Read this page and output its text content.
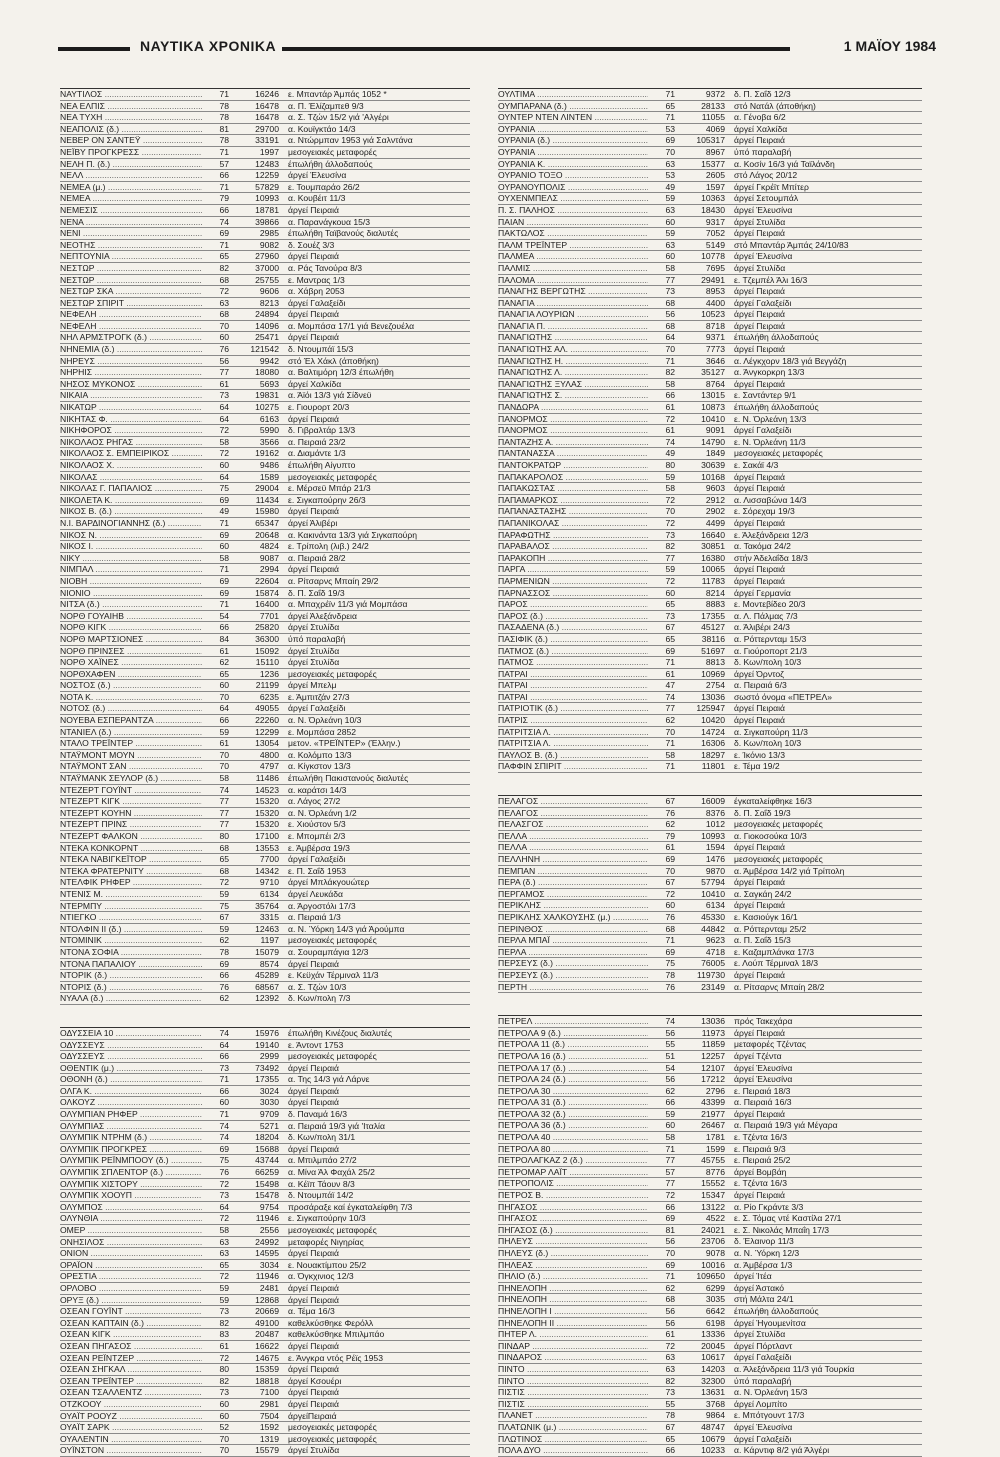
ΝΑΥΤΙΚΑ ΧΡΟΝΙΚΑ	1 ΜΑΪΟΥ 1984
ΝΑΥΤΙΛΟΣ .....	71	16246	ε. Μπαντάρ Άμπάς 1052 *
ΝΕΑ ΕΛΠΙΣ .....	78	16478	α. Π. Έλίζαμπεθ 9/3
ΝΕΑ ΤΥΧΗ .....	78	16478	α. Σ. Τζών 15/2 γιά 'Αλγέρι
ΝΕΑΠΟΛΙΣ (δ.) .....	81	29700	α. Κουϊγκτάο 14/3
ΝΕΒΕΡ ΟΝ ΣΑΝΤΕΫ .....	78	33191	α. Ντώρμπαν 1953 γιά Σαλντάνα
ΝΕΪΒΥ ΠΡΟΓΚΡΕΣΣ .....	71	1997	μεσογειακές μεταφορές
ΝΕΛΗ Π. (δ.) .....	57	12483	έπωλήθη άλλοδαπούς
ΝΕΛΛ .....	66	12259	άργεί Έλευσίνα
ΝΕΜΕΑ (μ.) .....	71	57829	ε. Τουμπαράο 26/2
ΝΕΜΕΑ .....	79	10993	α. Κουβέιτ 11/3
ΝΕΜΕΣΙΣ .....	66	18781	άργεί Πειραιά
ΝΕΝΑ .....	74	39866	α. Παρανάγκουα 15/3
ΝΕΝΙ .....	69	2985	έπωλήθη Ταϊβανούς διαλυτές
ΝΕΟΤΗΣ .....	71	9082	δ. Σουέζ 3/3
ΝΕΠΤΟΥΝΙΑ .....	65	27960	άργεί Πειραιά
ΝΕΣΤΩΡ .....	82	37000	α. Ράς Τανούρα 8/3
ΝΕΣΤΩΡ .....	68	25755	ε. Μαντρας 1/3
ΝΕΣΤΩΡ ΣΚΑ .....	72	9606	α. Χάβρη 2053
ΝΕΣΤΩΡ ΣΠΙΡΙΤ .....	63	8213	άργεί Γαλαξείδι
ΝΕΦΕΛΗ .....	68	24894	άργεί Πειραιά
ΝΕΦΕΛΗ .....	70	14096	α. Μομπάσα 17/1 γιά Βενεζουέλα
ΝΗΛ ΑΡΜΣΤΡΟΓΚ (δ.) .....	60	25471	άργεί Πειραιά
ΝΗΝΕΜΙΑ (δ.) .....	76	121542	δ. Ντουμπάϊ 15/3
ΝΗΡΕΥΣ .....	56	9942	στό Έλ Χάκλ (άποθήκη)
ΝΗΡΗΙΣ .....	77	18080	α. Βαλτιμόρη 12/3 έπωλήθη
ΝΗΣΟΣ ΜΥΚΟΝΟΣ .....	61	5693	άργεί Χαλκίδα
ΝΙΚΑΙΑ .....	73	19831	α. Άϊόι 13/3 γιά Σίδνεϋ
ΝΙΚΑΤΩΡ .....	64	10275	ε. Γιουρορτ 20/3
ΝΙΚΗΤΑΣ Φ. .....	64	6163	άργεί Πειραιά
ΝΙΚΗΦΟΡΟΣ .....	72	5990	δ. Γιβραλτάρ 13/3
ΝΙΚΟΛΑΟΣ ΡΗΓΑΣ .....	58	3566	α. Πειραιά 23/2
ΝΙΚΟΛΑΟΣ Σ. ΕΜΠΕΙΡΙΚΟΣ .....	72	19162	α. Διαμάντε 1/3
ΝΙΚΟΛΑΟΣ Χ. .....	60	9486	έπωλήθη Αίγυπτο
ΝΙΚΟΛΑΣ .....	64	1589	μεσογειακές μεταφορές
ΝΙΚΟΛΑΣ Γ. ΠΑΠΑΛΙΟΣ .....	75	29004	ε. Μέρσεϋ Μπάρ 21/3
ΝΙΚΟΛΕΤΑ Κ. .....	69	11434	ε. Σιγκαπούρην 26/3
ΝΙΚΟΣ Β. (δ.) .....	49	15980	άργεί Πειραιά
Ν.Ι. ΒΑΡΔΙΝΟΓΙΑΝΝΗΣ (δ.) .....	71	65347	άργεί Άλιβέρι
ΝΙΚΟΣ Ν. .....	69	20648	α. Κακινάντα 13/3 γιά Σιγκαπούρη
ΝΙΚΟΣ Ι. .....	60	4824	ε. Τρίπολη (λιβ.) 24/2
ΝΙΚΥ .....	58	9087	α. Πειραιά 28/2
ΝΙΜΠΑΛ .....	71	2994	άργεί Πειραιά
ΝΙΟΒΗ .....	69	22604	α. Ρίτσαρνς Μπαίη 29/2
ΝΙΟΝΙΟ .....	69	15874	δ. Π. Σαΐδ 19/3
ΝΙΤΣΑ (δ.) .....	71	16400	α. Μπαχρέϊν 11/3 γιά Μομπάσα
ΝΟΡΘ ΓΟΥΑΙΗΒ .....	54	7701	άργεί Άλεξάνδρεια
ΝΟΡΘ ΚΙΓΚ .....	66	25820	άργεί Στυλίδα
ΝΟΡΘ ΜΑΡΤΣΙΟΝΕΣ .....	84	36300	ύπό παραλαβή
ΝΟΡΘ ΠΡΙΝΣΕΣ .....	61	15092	άργεί Στυλίδα
ΝΟΡΘ ΧΑΪΝΕΣ .....	62	15110	άργεί Στυλίδα
ΝΟΡΘΧΑΦΕΝ .....	65	1236	μεσογειακές μεταφορές
ΝΟΣΤΟΣ (δ.) .....	60	21199	άργεί Μπελμ
ΝΟΤΑ Κ. .....	70	6235	ε. Άμπιτζάν 27/3
ΝΟΤΟΣ (δ.) .....	64	49055	άργεί Γαλαξείδι
ΝΟΥΕΒΑ ΕΣΠΕΡΑΝΤΖΑ .....	66	22260	α. Ν. Όρλεάνη 10/3
ΝΤΑΝΙΕΛ (δ.) .....	59	12299	ε. Μομπάσα 2852
ΝΤΑΛΟ ΤΡΕΪΝΤΕΡ .....	61	13054	μετον. «ΤΡΕΪΝΤΕΡ» (Έλλην.)
ΝΤΑΫΜΟΝΤ ΜΟΥΝ .....	70	4800	α. Κολόμπο 13/3
ΝΤΑΫΜΟΝΤ ΣΑΝ .....	70	4797	α. Κίγκστον 13/3
ΝΤΑΫΜΑΝΚ ΣΕΥΛΟΡ (δ.) .....	58	11486	έπωλήθη Πακιστανούς διαλυτές
ΝΤΕΖΕΡΤ ΓΟΥΪΝΤ .....	74	14523	α. καράτσι 14/3
ΝΤΕΖΕΡΤ ΚΙΓΚ .....	77	15320	α. Λάγος 27/2
ΝΤΕΖΕΡΤ ΚΟΥΗΝ .....	77	15320	α. Ν. Όρλεάνη 1/2
ΝΤΕΖΕΡΤ ΠΡΙΝΣ .....	77	15320	ε. Χιούστον 5/3
ΝΤΕΖΕΡΤ ΦΑΛΚΟΝ .....	80	17100	ε. Μπομπέι 2/3
ΝΤΕΚΑ ΚΟΝΚΟΡΝΤ .....	68	13553	ε. Άμβέρσα 19/3
ΝΤΕΚΑ ΝΑΒΙΓΚΕΪΤΟΡ .....	65	7700	άργεί Γαλαξείδι
ΝΤΕΚΑ ΦΡΑΤΕΡΝΙΤΥ .....	68	14342	ε. Π. Σαΐδ 1953
ΝΤΕΛΦΙΚ ΡΗΦΕΡ .....	72	9710	άργεί Μπλάκγουώτερ
ΝΤΕΝΙΣ Μ. .....	59	6134	άργεί Λευκάδα
ΝΤΕΡΜΠΥ .....	75	35764	α. Άργοστόλι 17/3
ΝΤΙΕΓΚΟ .....	67	3315	α. Πειραιά 1/3
ΝΤΟΛΦΙΝ ΙΙ (δ.) .....	59	12463	α. Ν. Ύόρκη 14/3 γιά Άρούμπα
ΝΤΟΜΙΝΙΚ .....	62	1197	μεσογειακές μεταφορές
ΝΤΟΝΑ ΣΟΦΙΑ .....	78	15079	α. Σουραμπάγια 12/3
ΝΤΟΝΑ ΠΑΠΑΛΙΟΥ .....	69	8574	άργεί Πειραιά
ΝΤΟΡΙΚ (δ.) .....	66	45289	ε. Κεϋχάν Τέρμιναλ 11/3
ΝΤΟΡΙΣ (δ.) .....	76	68567	α. Σ. Τζών 10/3
ΝΥΑΛΑ (δ.) .....	62	12392	δ. Κων/πολη 7/3
ΟΔΥΣΣΕΙΑ 10 .....	74	15976	έπωλήθη Κινέζους διαλυτές
ΟΔΥΣΣΕΥΣ .....	64	19140	ε. Άντοντ 1753
ΟΔΥΣΣΕΥΣ .....	66	2999	μεσογειακές μεταφορές
ΟΘΕΝΤΙΚ (μ.) .....	73	73492	άργεί Πειραιά
ΟΘΟΝΗ (δ.) .....	71	17355	α. Της 14/3 γιά Λάρνε
ΟΛΓΑ Κ. .....	66	3024	άργεί Πειραιά
ΟΛΚΟΥΖ .....	60	3030	άργεί Πειραιά
ΟΛΥΜΠΙΑΝ ΡΗΦΕΡ .....	71	9709	δ. Παναμά 16/3
ΟΛΥΜΠΙΑΣ .....	74	5271	α. Πειραιά 19/3 γιά 'Ιταλία
ΟΛΥΜΠΙΚ ΝΤΡΗΜ (δ.) .....	74	18204	δ. Κων/πολη 31/1
ΟΛΥΜΠΙΚ ΠΡΟΓΚΡΕΣ .....	69	15688	άργεί Πειραιά
ΟΛΥΜΠΙΚ ΡΕΪΝΜΠΟΟΥ (δ.) .....	75	43744	α. Μπιλμπάο 27/2
ΟΛΥΜΠΙΚ ΣΠΛΕΝΤΟΡ (δ.) .....	76	66259	α. Μίνα Άλ Φαχάλ 25/2
ΟΛΥΜΠΙΚ ΧΙΣΤΟΡΥ .....	72	15498	α. Κέϊπ Τάουν 8/3
ΟΛΥΜΠΙΚ ΧΟΟΥΠ .....	73	15478	δ. Ντουμπάϊ 14/2
ΟΛΥΜΠΟΣ .....	64	9754	προσάραξε καί έγκαταλείφθη 7/3
ΟΛΥΝΘΙΑ .....	72	11946	ε. Σιγκαπούρην 10/3
ΟΜΕΡ .....	58	2556	μεσογειακές μεταφορές
ΟΝΗΣΙΛΟΣ .....	63	24992	μεταφορές Νιγηρίας
ΟΝΙΟΝ .....	63	14595	άργεί Πειραιά
ΟΡΑΪΟΝ .....	65	3034	ε. Νουακτίμπου 25/2
ΟΡΕΣΤΙΑ .....	72	11946	α. Όγκχινιος 12/3
ΟΡΛΟΒΟ .....	59	2481	άργεί Πειραιά
ΟΡΥΞ (δ.) .....	59	12868	άργεί Πειραιά
ΟΣΕΑΝ ΓΟΥΪΝΤ .....	73	20669	α. Τέμα 16/3
ΟΣΕΑΝ ΚΑΠΤΑΙΝ (δ.) .....	82	49100	καθελκύσθηκε Φερόλλ
ΟΣΕΑΝ ΚΙΓΚ .....	83	20487	καθελκύσθηκε Μπιλμπάο
ΟΣΕΑΝ ΠΗΓΑΣΟΣ .....	61	16622	άργεί Πειραιά
ΟΣΕΑΝ ΡΕΪΝΤΖΕΡ .....	72	14675	ε. Άνγκρα ντός Ρέϊς 1953
ΟΣΕΑΝ ΣΗΓΚΑΛ .....	80	15359	άργεί Πειραιά
ΟΣΕΑΝ ΤΡΕΪΝΤΕΡ .....	82	18818	άργεί Κσουέρι
ΟΣΕΑΝ ΤΣΑΛΛΕΝΤΖ .....	73	7100	άργεί Πειραιά
ΟΤΖΚΟΟΥ .....	60	2981	άργεί Πειραιά
ΟΥΑΪΤ ΡΟΟΥΖ .....	60	7504	άργείΠειραιά
ΟΥΑΪΤ ΣΑΡΚ .....	52	1592	μεσογειακές μεταφορές
ΟΥΑΛΕΝΤΙΝ .....	70	1319	μεσογειακές μεταφορές
ΟΥΪΝΣΤΟΝ .....	70	15579	άργεί Στυλίδα
ΟΥΛΤΙΜΑ .....	71	9372	δ. Π. Σαΐδ 12/3
ΟΥΜΠΑΡΑΝΑ (δ.) .....	65	28133	στό Νατάλ (άποθήκη)
ΟΥΝΤΕΡ ΝΤΕΝ ΛΙΝΤΕΝ .....	71	11055	α. Γένοβα 6/2
ΟΥΡΑΝΙΑ .....	53	4069	άργεί Χαλκίδα
ΟΥΡΑΝΙΑ (δ.) .....	69	105317	άργεί Πειραιά
ΟΥΡΑΝΙΑ .....	70	8967	ύπό παραλαβή
ΟΥΡΑΝΙΑ Κ. .....	63	15377	α. Κοσίν 16/3 γιά Ταϊλάνδη
ΟΥΡΑΝΙΟ ΤΟΞΟ .....	53	2605	στό Λάγος 20/12
ΟΥΡΑΝΟΥΠΟΛΙΣ .....	49	1597	άργεί Γκρέϊτ Μπίτερ
ΟΥΧΕΝΜΠΕΛΣ .....	59	10363	άργεί Σετουμπάλ
Π. Σ. ΠΑΛΗΟΣ .....	63	18430	άργεί Έλευσίνα
ΠΑΙΑΝ .....	60	9317	άργεί Στυλίδα
ΠΑΚΤΩΛΟΣ .....	59	7052	άργεί Πειραιά
ΠΑΛΜ ΤΡΕΪΝΤΕΡ .....	63	5149	στό Μπαντάρ Άμπάς 24/10/83
ΠΑΛΜΕΑ .....	60	10778	άργεί Έλευσίνα
ΠΑΛΜΙΣ .....	58	7695	άργεί Στυλίδα
ΠΑΛΟΜΑ .....	77	29491	ε. Τζεμπέλ Άλι 16/3
ΠΑΝΑΓΗΣ ΒΕΡΓΩΤΗΣ .....	73	8953	άργεί Πειραιά
ΠΑΝΑΓΙΑ .....	68	4400	άργεί Γαλαξείδι
ΠΑΝΑΓΙΑ ΛΟΥΡΙΩΝ .....	56	10523	άργεί Πειραιά
ΠΑΝΑΓΙΑ Π. .....	68	8718	άργεί Πειραιά
ΠΑΝΑΓΙΩΤΗΣ .....	64	9371	έπωλήθη άλλοδαπούς
ΠΑΝΑΓΙΩΤΗΣ ΑΛ. .....	70	7773	άργεί Πειραιά
ΠΑΝΑΓΙΩΤΗΣ Η. .....	71	3646	α. Λέγκχορν 18/3 γιά Βεγγάζη
ΠΑΝΑΓΙΩΤΗΣ Λ. .....	82	35127	α. Άνγκορκρη 13/3
ΠΑΝΑΓΙΩΤΗΣ ΞΥΛΑΣ .....	58	8764	άργεί Πειραιά
ΠΑΝΑΓΙΩΤΗΣ Σ. .....	66	13015	ε. Σαντάντερ 9/1
ΠΑΝΔΩΡΑ .....	61	10873	έπωλήθη άλλοδαπούς
ΠΑΝΟΡΜΟΣ .....	72	10410	ε. Ν. Όρλεάνη 13/3
ΠΑΝΟΡΜΟΣ .....	61	9091	άργεί Γαλαξείδι
ΠΑΝΤΑΖΗΣ Α. .....	74	14790	ε. Ν. Όρλεάνη 11/3
ΠΑΝΤΑΝΑΣΣΑ .....	49	1849	μεσογειακές μεταφορές
ΠΑΝΤΟΚΡΑΤΩΡ .....	80	30639	ε. Σακάϊ 4/3
ΠΑΠΑΚΑΡΟΛΟΣ .....	59	10168	άργεί Πειραιά
ΠΑΠΑΚΩΣΤΑΣ .....	58	9603	άργεί Πειραιά
ΠΑΠΑΜΑΡΚΟΣ .....	72	2912	α. Λισσαβώνα 14/3
ΠΑΠΑΝΑΣΤΑΣΗΣ .....	70	2902	ε. Σόρεχαμ 19/3
ΠΑΠΑΝΙΚΟΛΑΣ .....	72	4499	άργεί Πειραιά
ΠΑΡΑΦΩΤΗΣ .....	73	16640	ε. Άλεξάνδρεια 12/3
ΠΑΡΑΒΑΛΟΣ .....	82	30851	α. Τακόμα 24/2
ΠΑΡΑΚΟΠΗ .....	77	16380	στήν Άδελαΐδα 18/3
ΠΑΡΓΑ .....	59	10065	άργεί Πειραιά
ΠΑΡΜΕΝΙΩΝ .....	72	11783	άργεί Πειραιά
ΠΑΡΝΑΣΣΟΣ .....	60	8214	άργεί Γερμανία
ΠΑΡΟΣ .....	65	8883	ε. Μοντεβίδεο 20/3
ΠΑΡΟΣ (δ.) .....	73	17355	α. Λ. Πάλμας 7/3
ΠΑΣΑΔΕΝΑ (δ.) .....	67	45127	α. Άλιβέρι 24/3
ΠΑΣΙΦΙΚ (δ.) .....	65	38116	α. Ρόττερνταμ 15/3
ΠΑΤΜΟΣ (δ.) .....	69	51697	α. Γιούροπορτ 21/3
ΠΑΤΜΟΣ .....	71	8813	δ. Κων/πολη 10/3
ΠΑΤΡΑΙ .....	61	10969	άργεί Όρντοζ
ΠΑΤΡΑΙ .....	47	2754	α. Πειραιά 6/3
ΠΑΤΡΑΙ .....	74	13036	σωστό όνομα «ΠΕΤΡΕΛ»
ΠΑΤΡΙΟΤΙΚ (δ.) .....	77	125947	άργεί Πειραιά
ΠΑΤΡΙΣ .....	62	10420	άργεί Πειραιά
ΠΑΤΡΙΤΣΙΑ Λ. .....	70	14724	α. Σιγκαπούρη 11/3
ΠΑΤΡΙΤΣΙΑ Λ. .....	71	16306	δ. Κων/πολη 10/3
ΠΑΥΛΟΣ Β. (δ.) .....	58	18297	ε. Ίκόνιο 13/3
ΠΑΦΦΙΝ ΣΠΙΡΙΤ .....	71	11801	ε. Τέμα 19/2
ΠΕΛΑΓΟΣ .....	67	16009	έγκαταλείφθηκε 16/3
ΠΕΛΑΓΟΣ .....	76	8376	δ. Π. Σαΐδ 19/3
ΠΕΛΑΣΓΟΣ .....	62	1012	μεσογειακές μεταφορές
ΠΕΛΛΑ .....	79	10993	α. Γιοκοσούκα 10/3
ΠΕΛΛΑ .....	61	1594	άργεί Πειραιά
ΠΕΛΛΗΝΗ .....	69	1476	μεσογειακές μεταφορές
ΠΕΜΠΑΝ .....	70	9870	α. Άμβέρσα 14/2 γιά Τρίπολη
ΠΕΡΑ (δ.) .....	67	57794	άργεί Πειραιά
ΠΕΡΓΑΜΟΣ .....	72	10410	α. Σαγκάη 24/2
ΠΕΡΙΚΛΗΣ .....	60	6134	άργεί Πειραιά
ΠΕΡΙΚΛΗΣ ΧΑΛΚΟΥΣΗΣ (μ.) .....	76	45330	ε. Κασιούγκ 16/1
ΠΕΡΙΝΘΟΣ .....	68	44842	α. Ρόττερνταμ 25/2
ΠΕΡΛΑ ΜΠΑΪ .....	71	9623	α. Π. Σαΐδ 15/3
ΠΕΡΛΑ .....	69	4718	ε. Καζαμπλάνκα 17/3
ΠΕΡΣΕΥΣ (δ.) .....	75	76005	ε. Λούπ Τέρμιναλ 18/3
ΠΕΡΣΕΥΣ (δ.) .....	78	119730	άργεί Πειραιά
ΠΕΡΤΗ .....	76	23149	α. Ρίτσαρνς Μπαίη 28/2
ΠΕΤΡΕΛ .....	74	13036	πρός Τακεχάρα
ΠΕΤΡΟΛΑ 9 (δ.) .....	56	11973	άργεί Πειραιά
ΠΕΤΡΟΛΑ 11 (δ.) .....	55	11859	μεταφορές Τζέντας
ΠΕΤΡΟΛΑ 16 (δ.) .....	51	12257	άργεί Τζέντα
ΠΕΤΡΟΛΑ 17 (δ.) .....	54	12107	άργεί Έλευσίνα
ΠΕΤΡΟΛΑ 24 (δ.) .....	56	17212	άργεί Έλευσίνα
ΠΕΤΡΟΛΑ 30 .....	62	2796	ε. Πειραιά 18/3
ΠΕΤΡΟΛΑ 31 (δ.) .....	66	43399	α. Πειραιά 16/3
ΠΕΤΡΟΛΑ 32 (δ.) .....	59	21977	άργεί Πειραιά
ΠΕΤΡΟΛΑ 36 (δ.) .....	60	26467	α. Πειραιά 19/3 γιά Μέγαρα
ΠΕΤΡΟΛΑ 40 .....	58	1781	ε. Τζέντα 16/3
ΠΕΤΡΟΛΑ 80 .....	71	1599	ε. Πειραιά 9/3
ΠΕΤΡΟΛΑΓΚΑΖ 2 (δ.) .....	77	45755	ε. Πειραιά 25/2
ΠΕΤΡΟΜΑΡ ΛΑΪΤ .....	57	8776	άργεί Βομβάη
ΠΕΤΡΟΠΟΛΙΣ .....	77	15552	ε. Τζέντα 16/3
ΠΕΤΡΟΣ Β. .....	72	15347	άργεί Πειραιά
ΠΗΓΑΣΟΣ .....	66	13122	α. Ρίο Γκράντε 3/3
ΠΗΓΑΣΟΣ .....	69	4522	ε. Σ. Τόμας ντέ Καστίλα 27/1
ΠΗΓΑΣΟΣ (δ.) .....	81	24021	ε. Σ. Νικολάς Μπαΐη 17/3
ΠΗΛΕΥΣ .....	56	23706	δ. Έλαινορ 11/3
ΠΗΛΕΥΣ (δ.) .....	70	9078	α. Ν. Ύόρκη 12/3
ΠΗΛΕΑΣ .....	69	10016	α. Άμβέρσα 1/3
ΠΗΛΙΟ (δ.) .....	71	109650	άργεί Ίτέα
ΠΗΝΕΛΟΠΗ .....	62	6299	άργεί Άστακό
ΠΗΝΕΛΟΠΗ .....	68	3035	στή Μάλτα 24/1
ΠΗΝΕΛΟΠΗ Ι .....	56	6642	έπωλήθη άλλοδαπούς
ΠΗΝΕΛΟΠΗ ΙΙ .....	56	6198	άργεί Ήγουμενίτσα
ΠΗΤΕΡ Λ. .....	61	13336	άργεί Στυλίδα
ΠΙΝΔΑΡ .....	72	20045	άργεί Πόρτλαντ
ΠΙΝΔΑΡΟΣ .....	63	10617	άργεί Γαλαξείδι
ΠΙΝΤΟ .....	63	14203	α. Άλεξάνδρεια 11/3 γιά Τουρκία
ΠΙΝΤΟ .....	82	32300	ύπό παραλαβή
ΠΙΣΤΙΣ .....	73	13631	α. Ν. Όρλεάνη 15/3
ΠΙΣΤΙΣ .....	55	3768	άργεί Λομπίτο
ΠΛΑΝΕΤ .....	78	9864	ε. Μπότγουντ 17/3
ΠΛΑΤΩΝΙΚ (μ.) .....	67	48747	άργεί Έλευσίνα
ΠΛΩΤΙΝΟΣ .....	65	10679	άργεί Γαλαξείδι
ΠΟΛΑ ΔΥΟ .....	66	10233	α. Κάρντιφ 8/2 γιά Άλγέρι
